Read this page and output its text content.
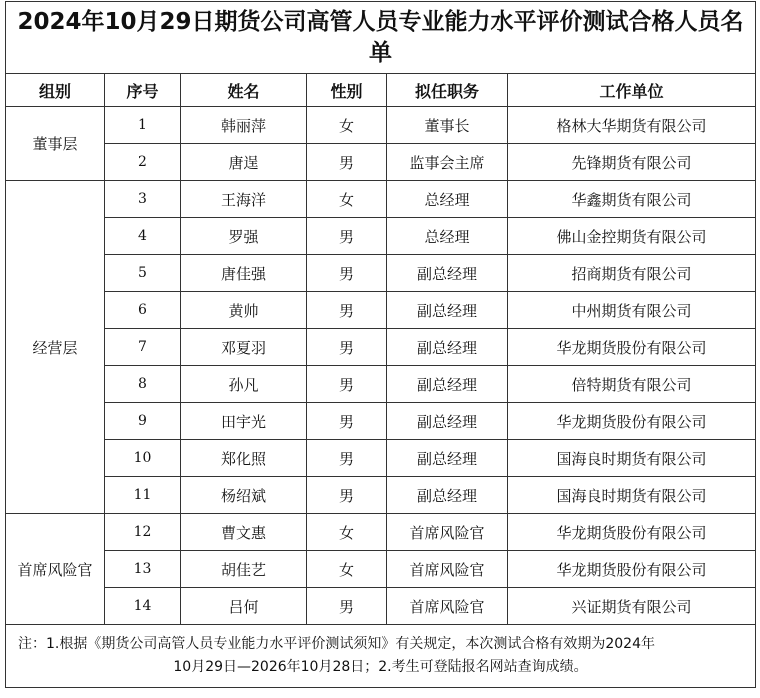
2024年10月29日期货公司高管人员专业能力水平评价测试合格人员名单					
组别	序号	姓名	性别	拟任职务	工作单位
董事层	1	韩丽萍	女	董事长	格林大华期货有限公司
	2	唐逞	男	监事会主席	先锋期货有限公司
经营层	3	王海洋	女	总经理	华鑫期货有限公司
	4	罗强	男	总经理	佛山金控期货有限公司
	5	唐佳强	男	副总经理	招商期货有限公司
	6	黄帅	男	副总经理	中州期货有限公司
	7	邓夏羽	男	副总经理	华龙期货股份有限公司
	8	孙凡	男	副总经理	倍特期货有限公司
	9	田宇光	男	副总经理	华龙期货股份有限公司
	10	郑化照	男	副总经理	国海良时期货有限公司
	11	杨绍斌	男	副总经理	国海良时期货有限公司
首席风险官	12	曹文惠	女	首席风险官	华龙期货股份有限公司
	13	胡佳艺	女	首席风险官	华龙期货股份有限公司
	14	吕何	男	首席风险官	兴证期货有限公司
注：1.根据《期货公司高管人员专业能力水平评价测试须知》有关规定，本次测试合格有效期为2024年
10月29日—2026年10月28日；2.考生可登陆报名网站查询成绩。					
